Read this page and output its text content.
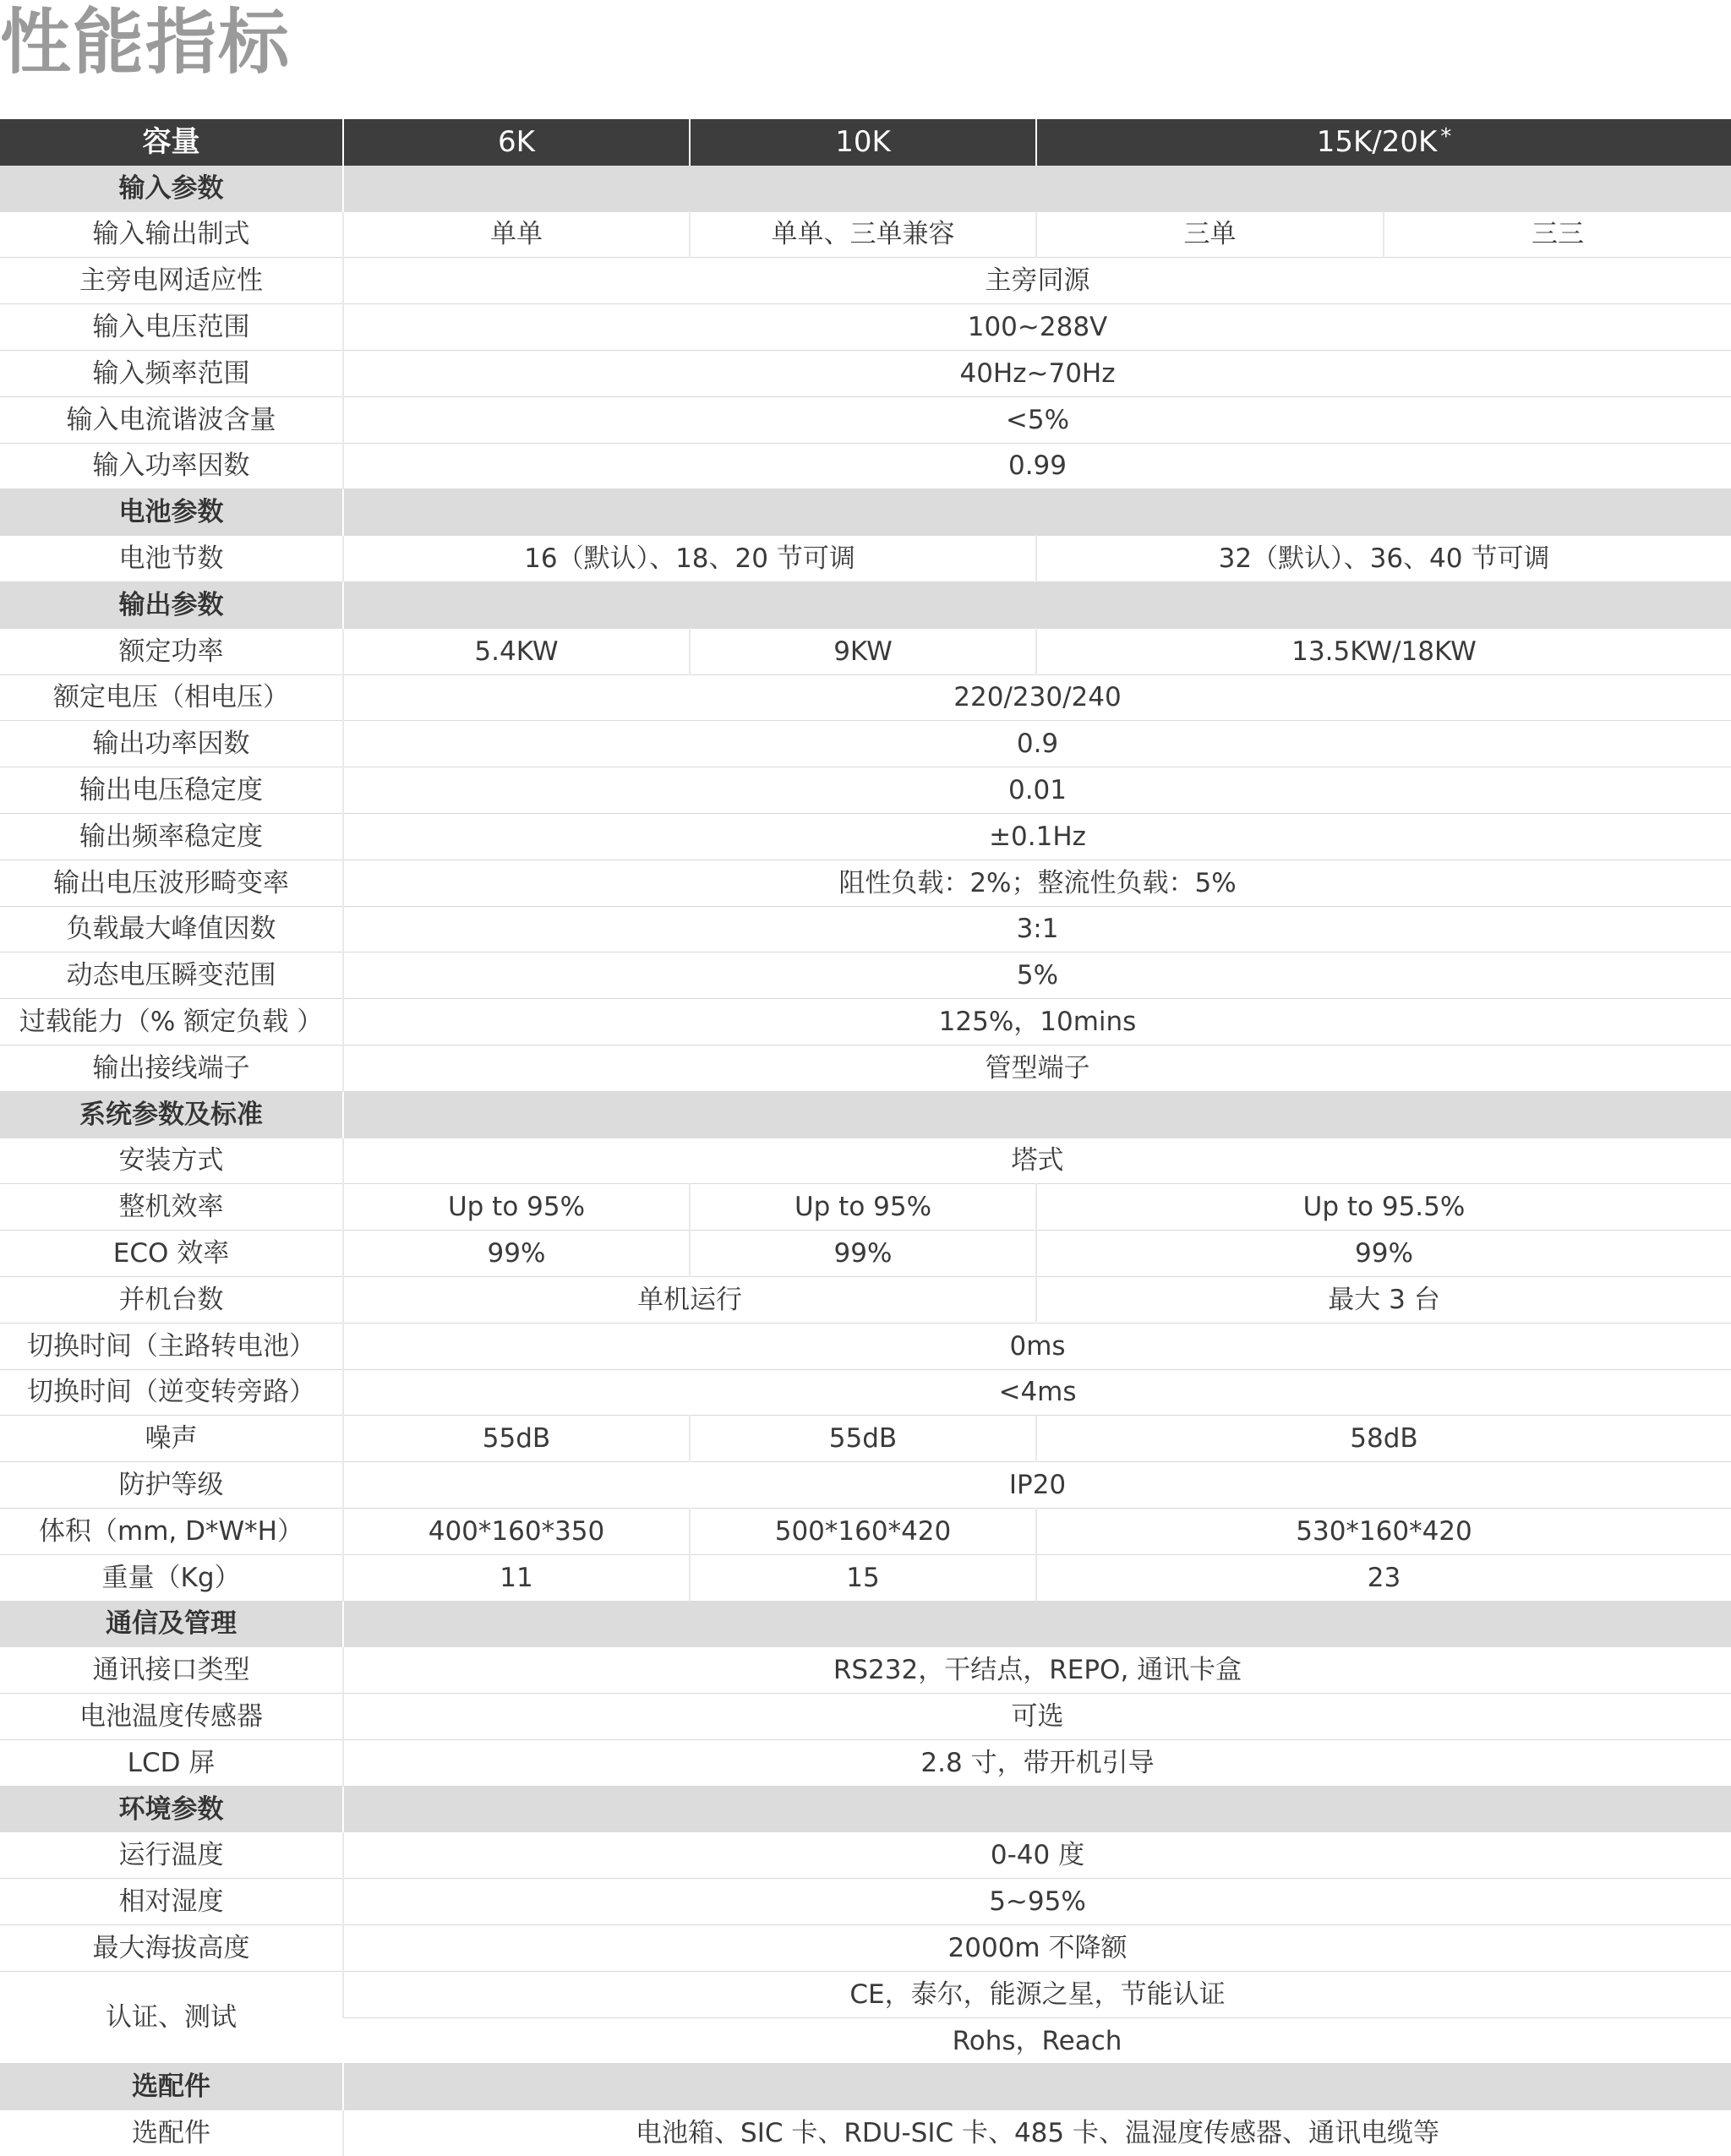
性能指标
容量	6K	10K	15K/20K *
输入参数				
输入输出制式	单单	单单、三单兼容	三单	三三
主旁电网适应性	主旁同源			
输入电压范围	100~288V			
输入频率范围	40Hz~70Hz			
输入电流谐波含量	<5%			
输入功率因数	0.99			
电池参数				
电池节数	16（默认）、18、20 节可调		32（默认）、36、40 节可调	
输出参数				
额定功率	5.4KW	9KW	13.5KW/18KW	
额定电压（相电压）	220/230/240			
输出功率因数	0.9			
输出电压稳定度	0.01			
输出频率稳定度	±0.1Hz			
输出电压波形畸变率	阻性负载：2%；整流性负载：5%			
负载最大峰值因数	3:1			
动态电压瞬变范围	5%			
过载能力（% 额定负载 ）	125%，10mins			
输出接线端子	管型端子			
系统参数及标准				
安装方式	塔式			
整机效率	Up to 95%	Up to 95%	Up to 95.5%	
ECO 效率	99%	99%	99%	
并机台数	单机运行		最大 3 台	
切换时间（主路转电池）	0ms			
切换时间（逆变转旁路）	<4ms			
噪声	55dB	55dB	58dB	
防护等级	IP20			
体积（mm, D*W*H）	400*160*350	500*160*420	530*160*420	
重量（Kg）	11	15	23	
通信及管理				
通讯接口类型	RS232，干结点，REPO, 通讯卡盒			
电池温度传感器	可选			
LCD 屏	2.8 寸，带开机引导			
环境参数				
运行温度	0-40 度			
相对湿度	5~95%			
最大海拔高度	2000m 不降额			
认证、测试	CE，泰尔，能源之星，节能认证			
	Rohs，Reach			
选配件				
选配件	电池箱、SIC 卡、RDU-SIC 卡、485 卡、温湿度传感器、通讯电缆等			
